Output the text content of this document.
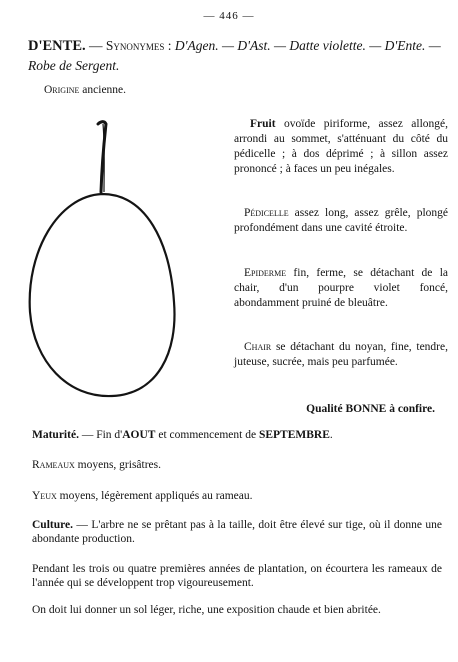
— 446 —
D'ENTE. — Synonymes : D'Agen. — D'Ast. — Datte violette. — D'Ente. — Robe de Sergent.
Origine ancienne.
Fruit ovoïde piriforme, assez allongé, arrondi au sommet, s'atténuant du côté du pédicelle ; à dos déprimé ; à sillon assez prononcé ; à faces un peu inégales.
Pédicelle assez long, assez grêle, plongé profondément dans une cavité étroite.
Epiderme fin, ferme, se détachant de la chair, d'un pourpre violet foncé, abondamment pruiné de bleuâtre.
Chair se détachant du noyan, fine, tendre, juteuse, sucrée, mais peu parfumée.
Qualité BONNE à confire.
Maturité. — Fin d'AOUT et commencement de SEPTEMBRE.
Rameaux moyens, grisâtres.
Yeux moyens, légèrement appliqués au rameau.
Culture. — L'arbre ne se prêtant pas à la taille, doit être élevé sur tige, où il donne une abondante production.
Pendant les trois ou quatre premières années de plantation, on écourtera les rameaux de l'année qui se développent trop vigoureusement.
On doit lui donner un sol léger, riche, une exposition chaude et bien abritée.
